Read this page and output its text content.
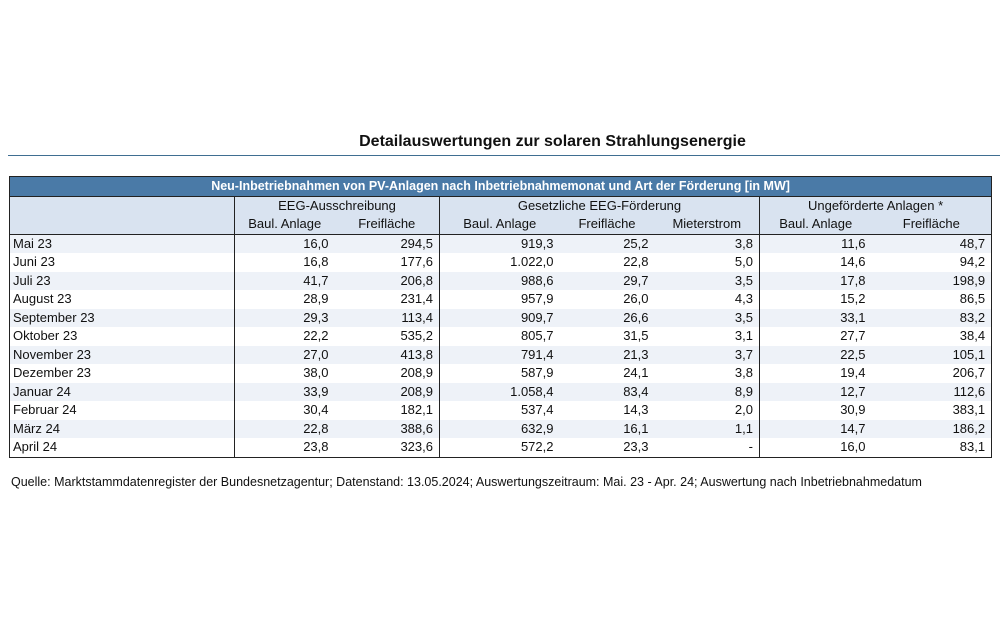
Detailauswertungen zur solaren Strahlungsenergie
Neu-Inbetriebnahmen von PV-Anlagen nach Inbetriebnahmemonat und Art der Förderung [in MW]							
	EEG-Ausschreibung		Gesetzliche EEG-Förderung			Ungeförderte Anlagen *	
	Baul. Anlage	Freifläche	Baul. Anlage	Freifläche	Mieterstrom	Baul. Anlage	Freifläche
Mai 23	16,0	294,5	919,3	25,2	3,8	11,6	48,7
Juni 23	16,8	177,6	1.022,0	22,8	5,0	14,6	94,2
Juli 23	41,7	206,8	988,6	29,7	3,5	17,8	198,9
August 23	28,9	231,4	957,9	26,0	4,3	15,2	86,5
September 23	29,3	113,4	909,7	26,6	3,5	33,1	83,2
Oktober 23	22,2	535,2	805,7	31,5	3,1	27,7	38,4
November 23	27,0	413,8	791,4	21,3	3,7	22,5	105,1
Dezember 23	38,0	208,9	587,9	24,1	3,8	19,4	206,7
Januar 24	33,9	208,9	1.058,4	83,4	8,9	12,7	112,6
Februar 24	30,4	182,1	537,4	14,3	2,0	30,9	383,1
März 24	22,8	388,6	632,9	16,1	1,1	14,7	186,2
April 24	23,8	323,6	572,2	23,3	-	16,0	83,1
Quelle: Marktstammdatenregister der Bundesnetzagentur; Datenstand: 13.05.2024; Auswertungszeitraum: Mai. 23 - Apr. 24; Auswertung nach Inbetriebnahmedatum
